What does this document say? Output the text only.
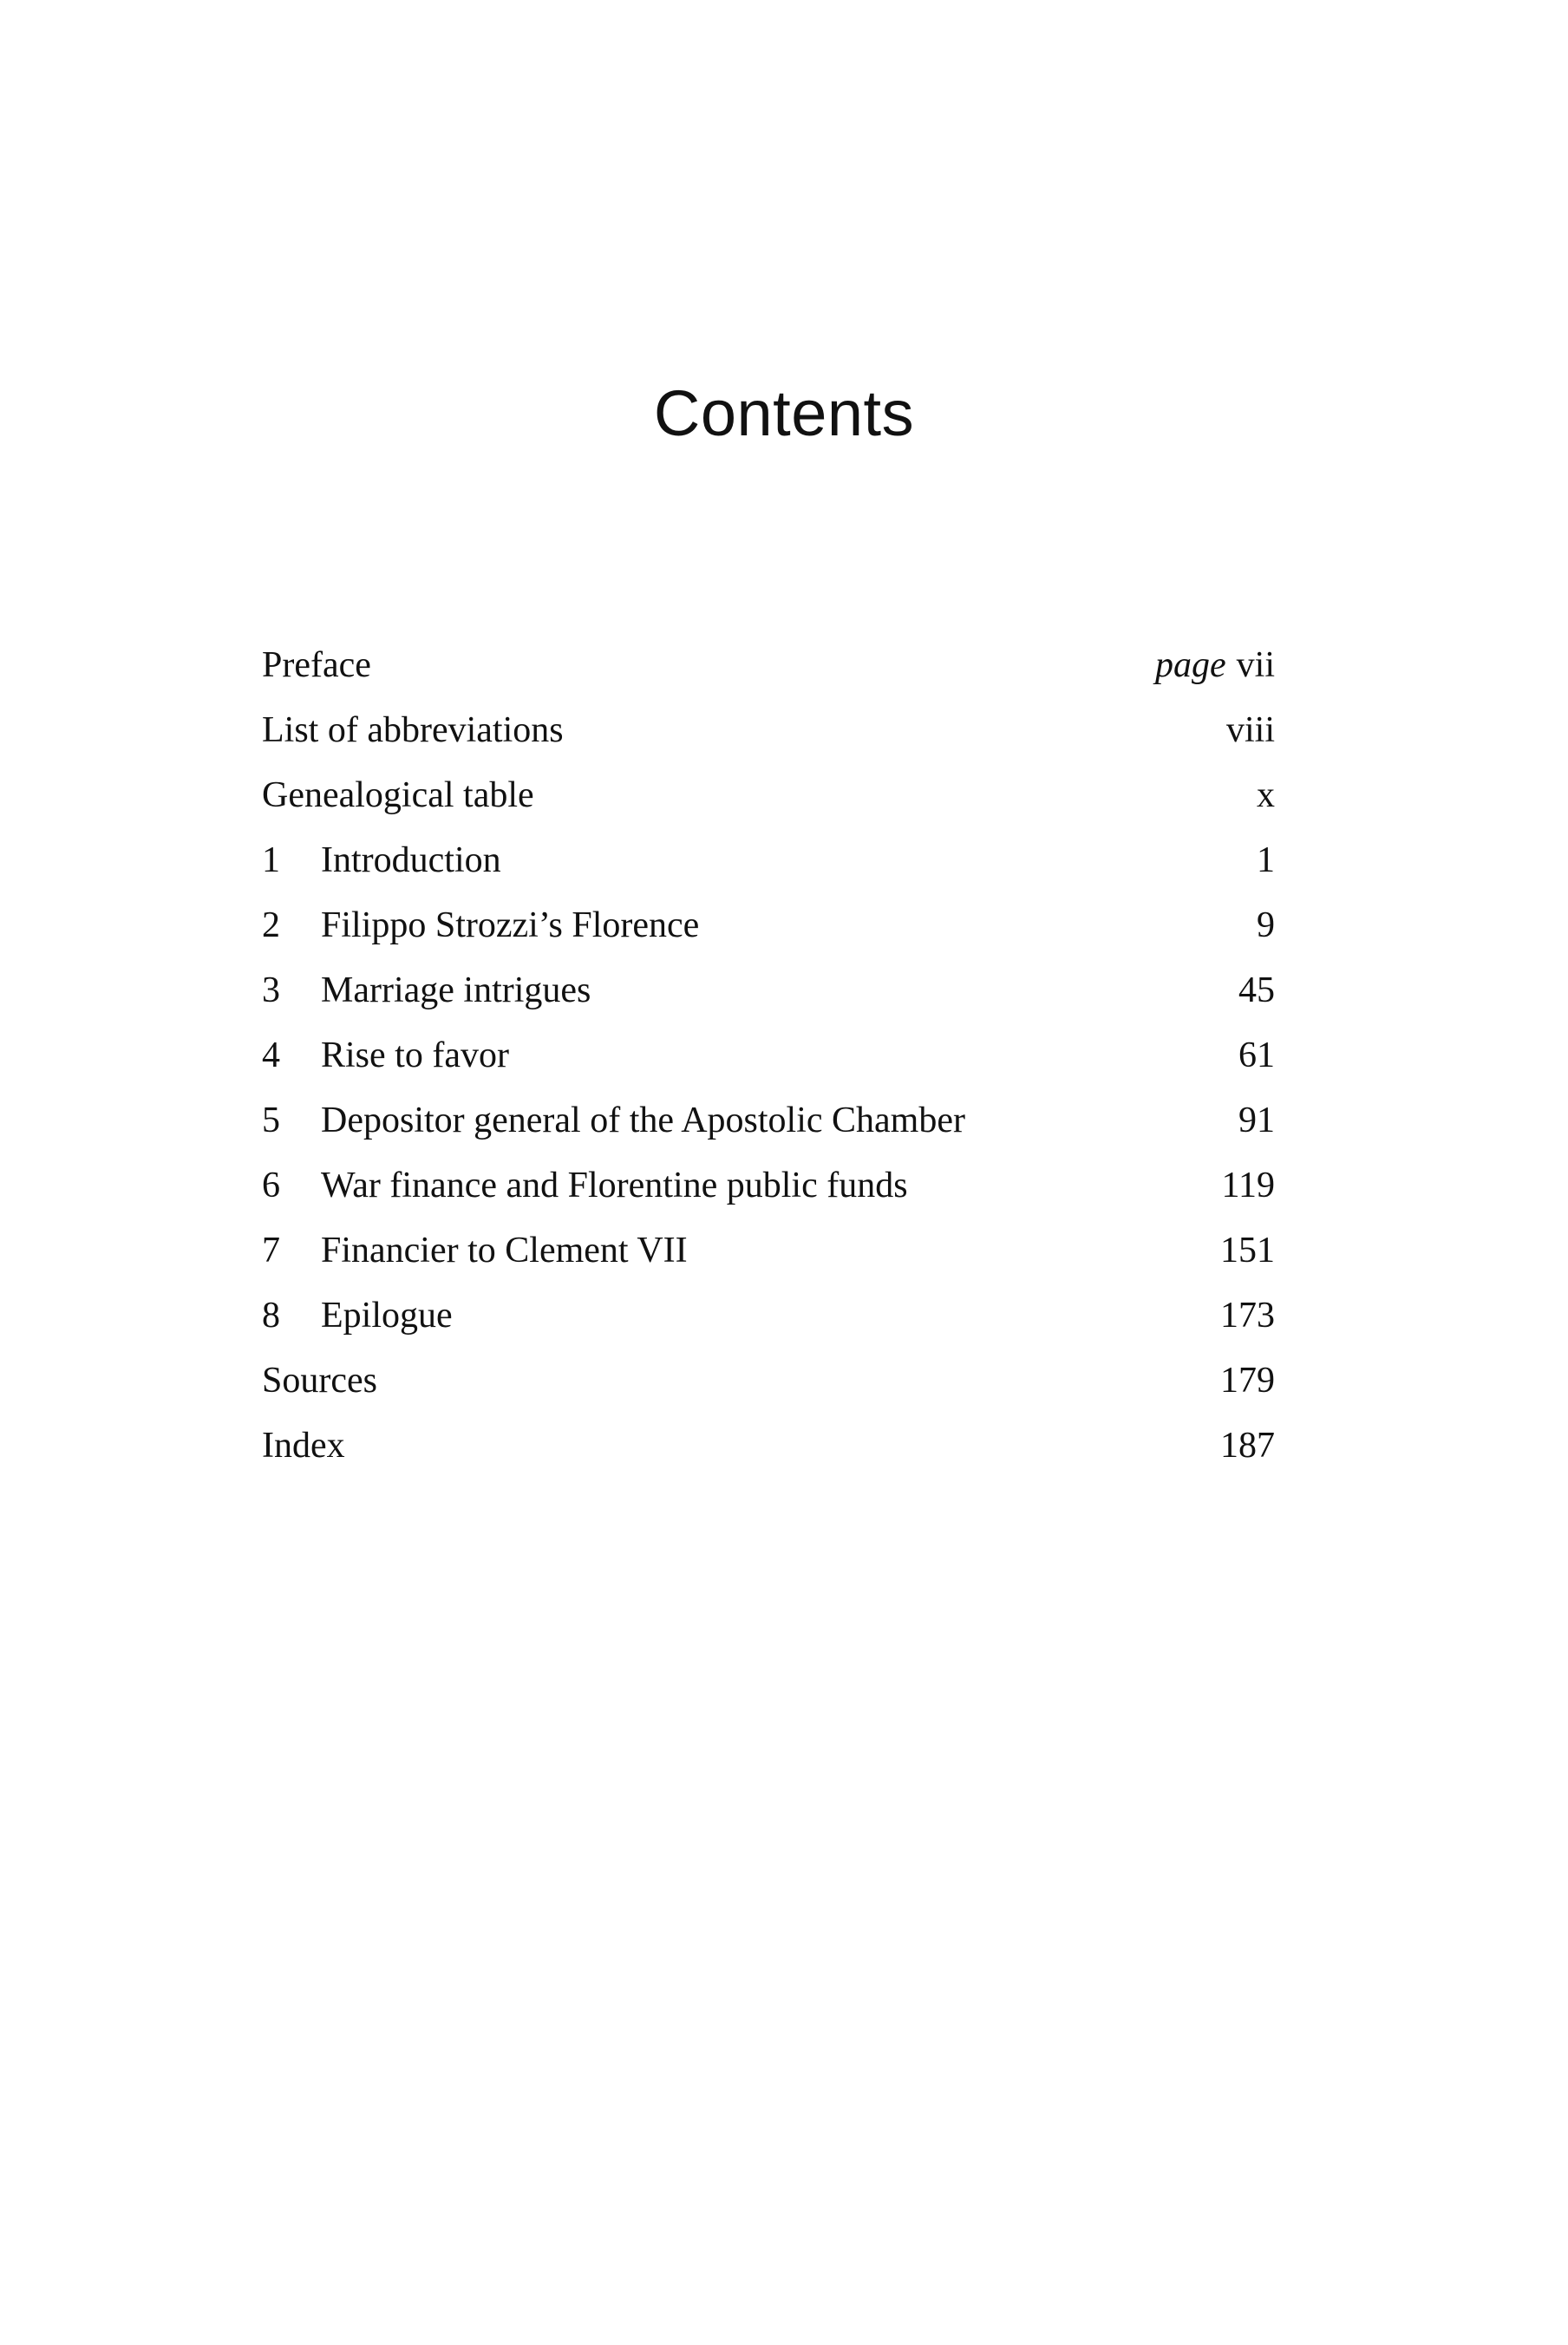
Contents
Preface	page vii
List of abbreviations	viii
Genealogical table	x
1	Introduction	1
2	Filippo Strozzi’s Florence	9
3	Marriage intrigues	45
4	Rise to favor	61
5	Depositor general of the Apostolic Chamber	91
6	War finance and Florentine public funds	119
7	Financier to Clement VII	151
8	Epilogue	173
Sources	179
Index	187
